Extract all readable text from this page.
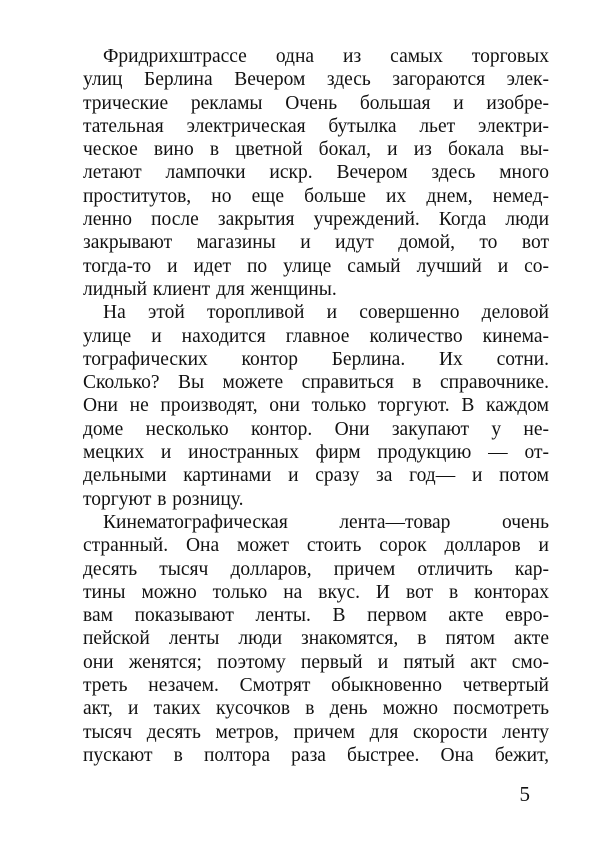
Фридрихштрассе одна из самых торговых
улиц Берлина Вечером здесь загораются элек-
трические рекламы Очень большая и изобре-
тательная электрическая бутылка льет электри-
ческое вино в цветной бокал, и из бокала вы-
летают лампочки искр. Вечером здесь много
проститутов, но еще больше их днем, немед-
ленно после закрытия учреждений. Когда люди
закрывают магазины и идут домой, то вот
тогда-то и идет по улице самый лучший и со-
лидный клиент для женщины.
На этой торопливой и совершенно деловой
улице и находится главное количество кинема-
тографических контор Берлина. Их сотни.
Сколько? Вы можете справиться в справочнике.
Они не производят, они только торгуют. В каждом
доме несколько контор. Они закупают у не-
мецких и иностранных фирм продукцию — от-
дельными картинами и сразу за год— и потом
торгуют в розницу.
Кинематографическая лента—товар очень
странный. Она может стоить сорок долларов и
десять тысяч долларов, причем отличить кар-
тины можно только на вкус. И вот в конторах
вам показывают ленты. В первом акте евро-
пейской ленты люди знакомятся, в пятом акте
они женятся; поэтому первый и пятый акт смо-
треть незачем. Смотрят обыкновенно четвертый
акт, и таких кусочков в день можно посмотреть
тысяч десять метров, причем для скорости ленту
пускают в полтора раза быстрее. Она бежит,
5
